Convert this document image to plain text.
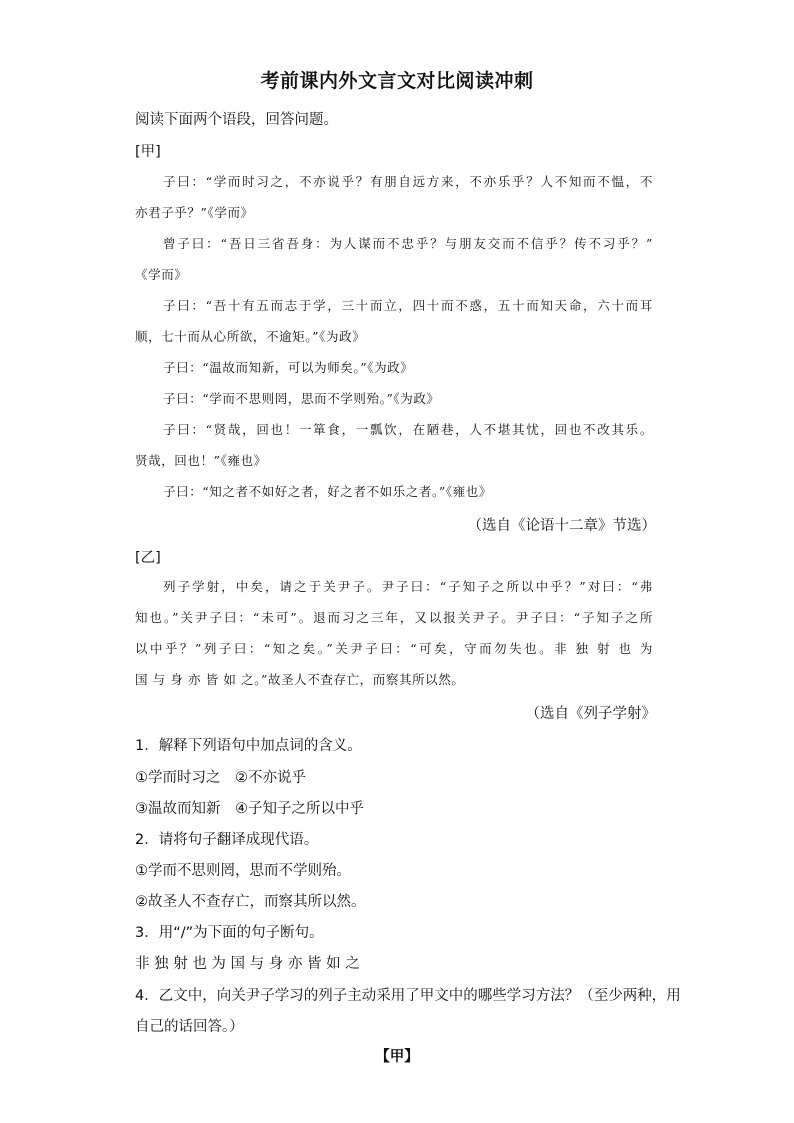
考前课内外文言文对比阅读冲刺
阅读下面两个语段，回答问题。
[甲]
子曰：“学而时习之，不亦说乎？有朋自远方来，不亦乐乎？人不知而不愠，不
亦君子乎？”《学而》
曾子曰：“吾日三省吾身：为人谋而不忠乎？与朋友交而不信乎？传不习乎？”
《学而》
子曰：“吾十有五而志于学，三十而立，四十而不惑，五十而知天命，六十而耳
顺，七十而从心所欲，不逾矩。”《为政》
子曰：“温故而知新，可以为师矣。”《为政》
子曰：“学而不思则罔，思而不学则殆。”《为政》
子曰：“贤哉，回也！一箪食，一瓢饮，在陋巷，人不堪其忧，回也不改其乐。
贤哉，回也！”《雍也》
子曰：“知之者不如好之者，好之者不如乐之者。”《雍也》
（选自《论语十二章》节选）
[乙]
列子学射，中矣，请之于关尹子。尹子曰：“子知子之所以中乎？”对曰：“弗
知也。”关尹子曰：“未可”。退而习之三年，又以报关尹子。尹子曰：“子知子之所
以中乎？”列子曰：“知之矣。”关尹子曰：“可矣，守而勿失也。非 独 射 也 为
国 与 身 亦 皆 如 之。”故圣人不查存亡，而察其所以然。
（选自《列子学射》
1．解释下列语句中加点词的含义。
①学而时习之　②不亦说乎
③温故而知新　④子知子之所以中乎
2．请将句子翻译成现代语。
①学而不思则罔，思而不学则殆。
②故圣人不查存亡，而察其所以然。
3．用“/”为下面的句子断句。
非 独 射 也 为 国 与 身 亦 皆 如 之
4．乙文中，向关尹子学习的列子主动采用了甲文中的哪些学习方法？（至少两种，用
自己的话回答。）
【甲】
